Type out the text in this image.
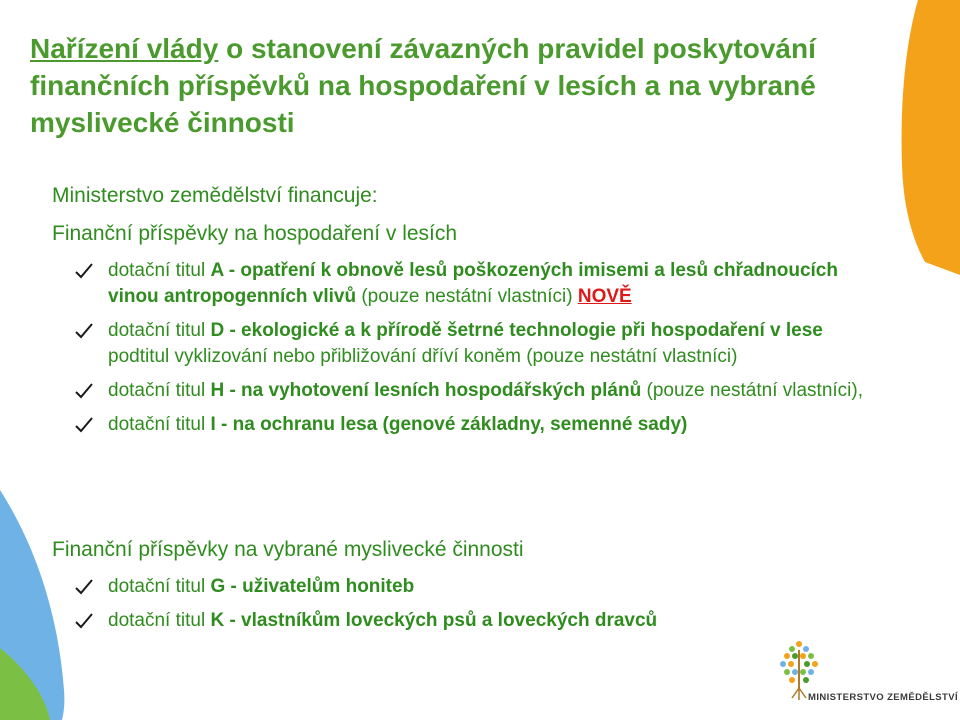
Nařízení vlády o stanovení závazných pravidel poskytování finančních příspěvků na hospodaření v lesích a na vybrané myslivecké činnosti
Ministerstvo zemědělství financuje:
Finanční příspěvky na hospodaření v lesích
dotační titul A - opatření k obnově lesů poškozených imisemi a lesů chřadnoucích vinou antropogenních vlivů (pouze nestátní vlastníci) NOVĚ
dotační titul D - ekologické a k přírodě šetrné technologie při hospodaření v lese podtitul vyklizování nebo přibližování dříví koněm (pouze nestátní vlastníci)
dotační titul H - na vyhotovení lesních hospodářských plánů (pouze nestátní vlastníci),
dotační titul I - na ochranu lesa (genové základny, semenné sady)
Finanční příspěvky na vybrané myslivecké činnosti
dotační titul G - uživatelům honiteb
dotační titul K - vlastníkům loveckých psů a loveckých dravců
MINISTERSTVO ZEMĚDĚLSTVÍ
